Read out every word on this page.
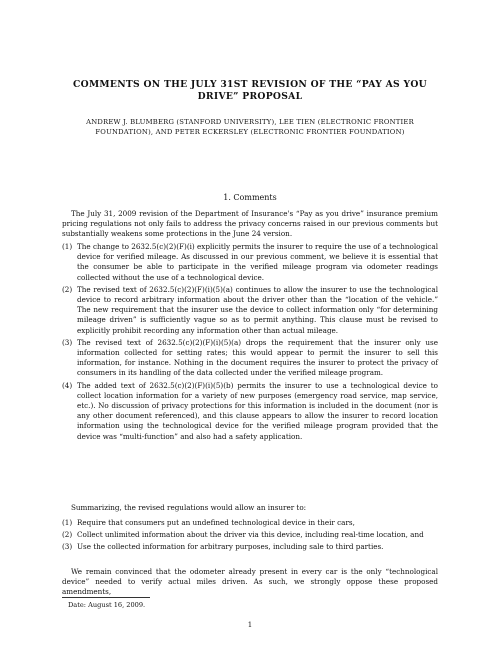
COMMENTS ON THE JULY 31ST REVISION OF THE “PAY AS YOU DRIVE” PROPOSAL
ANDREW J. BLUMBERG (STANFORD UNIVERSITY), LEE TIEN (ELECTRONIC FRONTIER FOUNDATION), AND PETER ECKERSLEY (ELECTRONIC FRONTIER FOUNDATION)
1. Comments
The July 31, 2009 revision of the Department of Insurance's “Pay as you drive” insurance premium pricing regulations not only fails to address the privacy concerns raised in our previous comments but substantially weakens some protections in the June 24 version.
(1) The change to 2632.5(c)(2)(F)(i) explicitly permits the insurer to require the use of a technological device for verified mileage. As discussed in our previous comment, we believe it is essential that the consumer be able to participate in the verified mileage program via odometer readings collected without the use of a technological device.
(2) The revised text of 2632.5(c)(2)(F)(i)(5)(a) continues to allow the insurer to use the technological device to record arbitrary information about the driver other than the “location of the vehicle.” The new requirement that the insurer use the device to collect information only “for determining mileage driven” is sufficiently vague so as to permit anything. This clause must be revised to explicitly prohibit recording any information other than actual mileage.
(3) The revised text of 2632.5(c)(2)(F)(i)(5)(a) drops the requirement that the insurer only use information collected for setting rates; this would appear to permit the insurer to sell this information, for instance. Nothing in the document requires the insurer to protect the privacy of consumers in its handling of the data collected under the verified mileage program.
(4) The added text of 2632.5(c)(2)(F)(i)(5)(b) permits the insurer to use a technological device to collect location information for a variety of new purposes (emergency road service, map service, etc.). No discussion of privacy protections for this information is included in the document (nor is any other document referenced), and this clause appears to allow the insurer to record location information using the technological device for the verified mileage program provided that the device was “multi-function” and also had a safety application.
Summarizing, the revised regulations would allow an insurer to:
(1) Require that consumers put an undefined technological device in their cars,
(2) Collect unlimited information about the driver via this device, including real-time location, and
(3) Use the collected information for arbitrary purposes, including sale to third parties.
We remain convinced that the odometer already present in every car is the only “technological device” needed to verify actual miles driven. As such, we strongly oppose these proposed amendments,
Date: August 16, 2009.
1
